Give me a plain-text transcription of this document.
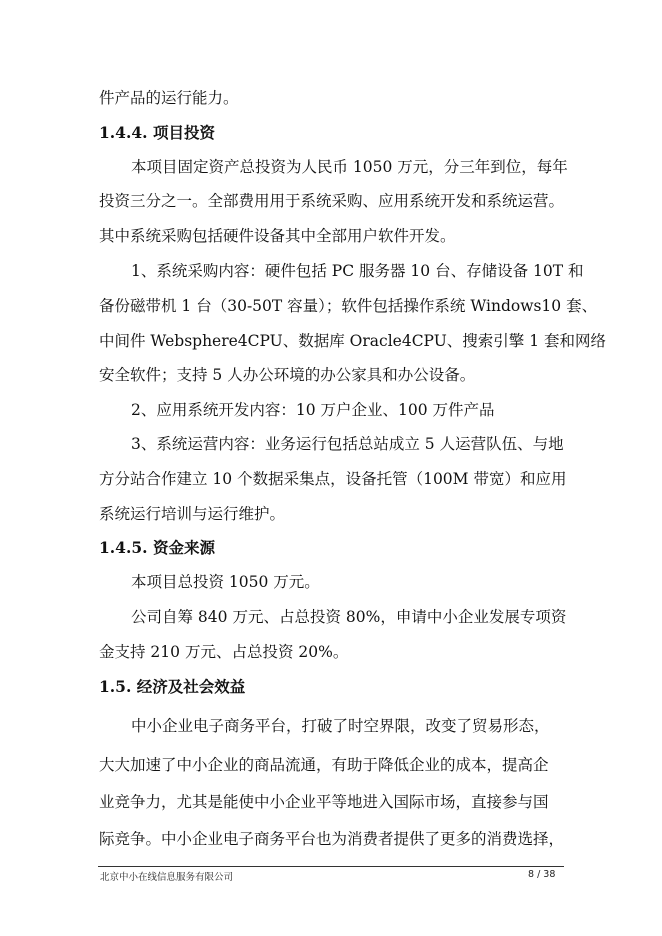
件产品的运行能力。
1.4.4. 项目投资
本项目固定资产总投资为人民币 1050 万元，分三年到位，每年
投资三分之一。全部费用用于系统采购、应用系统开发和系统运营。
其中系统采购包括硬件设备其中全部用户软件开发。
1、系统采购内容：硬件包括 PC 服务器 10 台、存储设备 10T 和
备份磁带机 1 台（30-50T 容量）；软件包括操作系统 Windows10 套、
中间件 Websphere4CPU、数据库 Oracle4CPU、搜索引擎 1 套和网络
安全软件；支持 5 人办公环境的办公家具和办公设备。
2、应用系统开发内容：10 万户企业、100 万件产品
3、系统运营内容：业务运行包括总站成立 5 人运营队伍、与地
方分站合作建立 10 个数据采集点，设备托管（100M 带宽）和应用
系统运行培训与运行维护。
1.4.5. 资金来源
本项目总投资 1050 万元。
公司自筹 840 万元、占总投资 80%，申请中小企业发展专项资
金支持 210 万元、占总投资 20%。
1.5. 经济及社会效益
中小企业电子商务平台，打破了时空界限，改变了贸易形态，
大大加速了中小企业的商品流通，有助于降低企业的成本，提高企
业竞争力，尤其是能使中小企业平等地进入国际市场，直接参与国
际竞争。中小企业电子商务平台也为消费者提供了更多的消费选择，
北京中小在线信息服务有限公司	8 / 38
